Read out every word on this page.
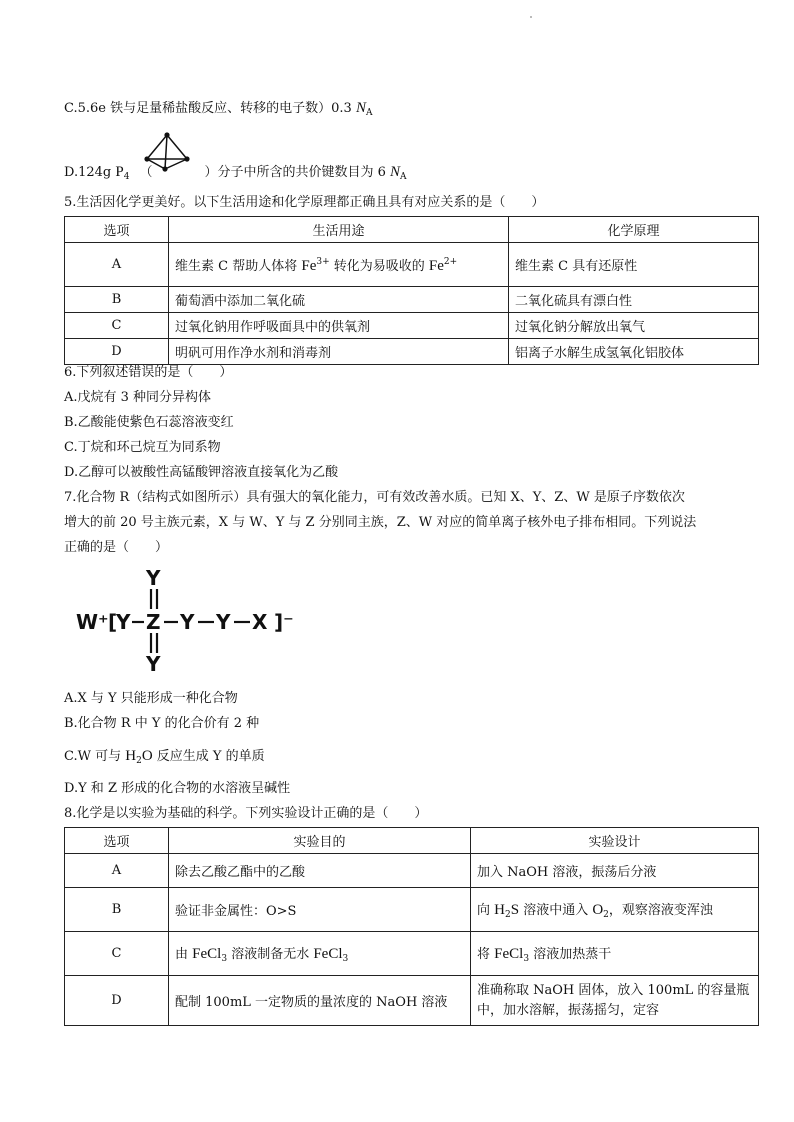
C.5.6e 铁与足量稀盐酸反应、转移的电子数）0.3 $N_A$
D.124g $P_4$ （	）分子中所含的共价键数目为 6 $N_A$
5.生活因化学更美好。以下生活用途和化学原理都正确且具有对应关系的是（　　）
选项	生活用途	化学原理
A	维生素 C 帮助人体将 $Fe^{3+}$ 转化为易吸收的 $Fe^{2+}$	维生素 C 具有还原性
B	葡萄酒中添加二氧化硫	二氧化硫具有漂白性
C	过氧化钠用作呼吸面具中的供氧剂	过氧化钠分解放出氧气
D	明矾可用作净水剂和消毒剂	铝离子水解生成氢氧化铝胶体
6.下列叙述错误的是（　　）
A.戊烷有 3 种同分异构体
B.乙酸能使紫色石蕊溶液变红
C.丁烷和环己烷互为同系物
D.乙醇可以被酸性高锰酸钾溶液直接氧化为乙酸
7.化合物 R（结构式如图所示）具有强大的氧化能力，可有效改善水质。已知 X、Y、Z、W 是原子序数依次
增大的前 20 号主族元素，X 与 W、Y 与 Z 分别同主族，Z、W 对应的简单离子核外电子排布相同。下列说法
正确的是（　　）
Y
W⁺ [
Y Z Y Y X ]⁻
Y
A.X 与 Y 只能形成一种化合物
B.化合物 R 中 Y 的化合价有 2 种
C.W 可与 $H_2O$ 反应生成 Y 的单质
D.Y 和 Z 形成的化合物的水溶液呈碱性
8.化学是以实验为基础的科学。下列实验设计正确的是（　　）
选项	实验目的	实验设计
A	除去乙酸乙酯中的乙酸	加入 NaOH 溶液，振荡后分液
B	验证非金属性：O>S	向 $H_2S$ 溶液中通入 $O_2$，观察溶液变浑浊
C	由 FeCl$_3$ 溶液制备无水 FeCl$_3$	将 FeCl$_3$ 溶液加热蒸干
D	配制 100mL 一定物质的量浓度的 NaOH 溶液	准确称取 NaOH 固体，放入 100mL 的容量瓶中，加水溶解，振荡摇匀，定容
